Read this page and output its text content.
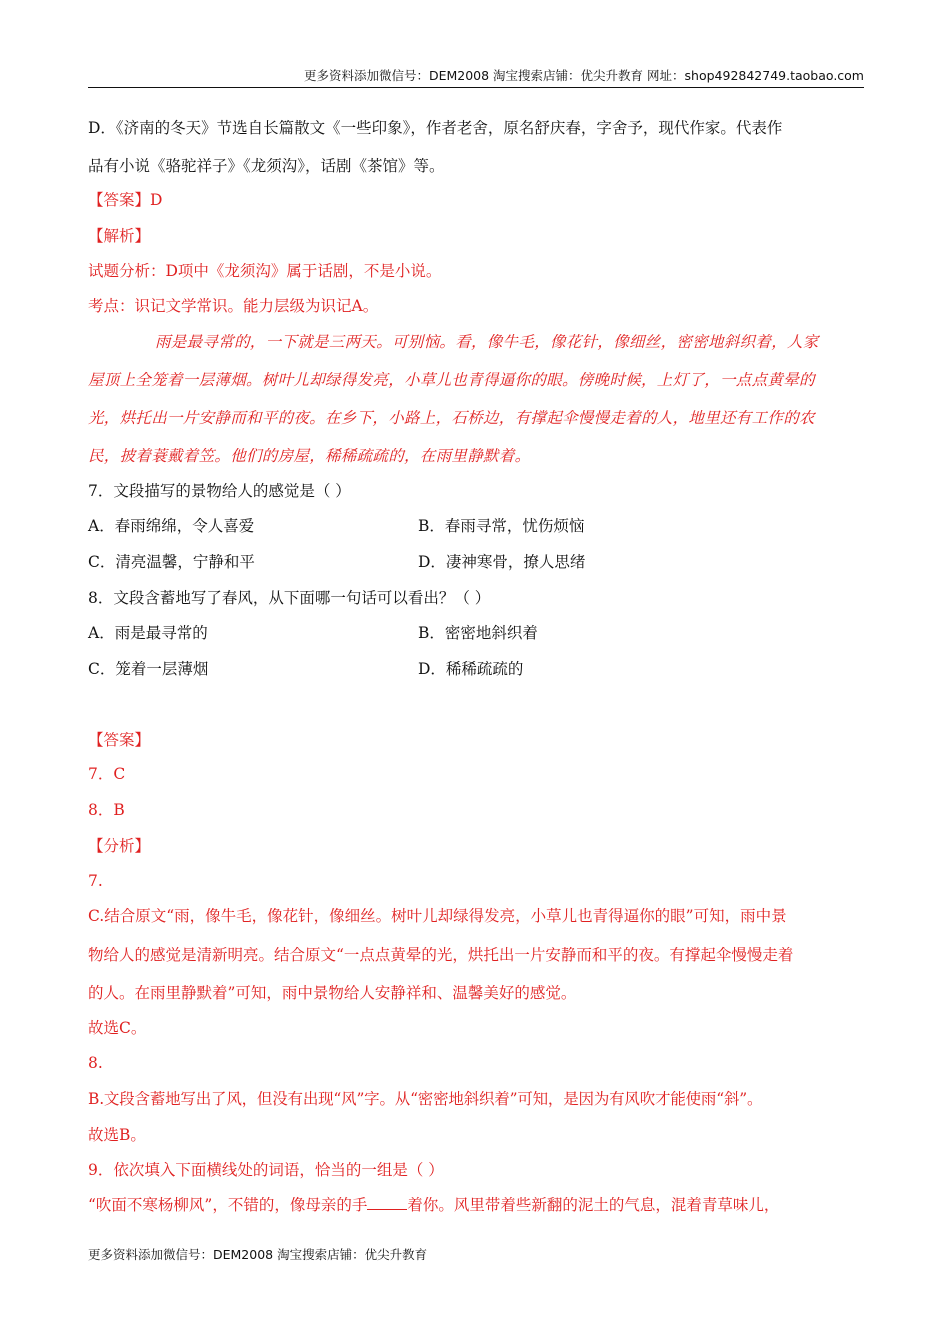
更多资料添加微信号：DEM2008 淘宝搜索店铺：优尖升教育 网址：shop492842749.taobao.com
D．《济南的冬天》节选自长篇散文《一些印象》，作者老舍，原名舒庆春，字舍予，现代作家。代表作
品有小说《骆驼祥子》《龙须沟》，话剧《茶馆》等。
【答案】D
【解析】
试题分析：D项中《龙须沟》属于话剧，不是小说。
考点：识记文学常识。能力层级为识记A。
雨是最寻常的，一下就是三两天。可别恼。看，像牛毛，像花针，像细丝，密密地斜织着，人家
屋顶上全笼着一层薄烟。树叶儿却绿得发亮，小草儿也青得逼你的眼。傍晚时候，上灯了，一点点黄晕的
光，烘托出一片安静而和平的夜。在乡下，小路上，石桥边，有撑起伞慢慢走着的人，地里还有工作的农
民，披着蓑戴着笠。他们的房屋，稀稀疏疏的，在雨里静默着。
7．文段描写的景物给人的感觉是（ ）
A．春雨绵绵，令人喜爱	B．春雨寻常，忧伤烦恼
C．清亮温馨，宁静和平	D．凄神寒骨，撩人思绪
8．文段含蓄地写了春风，从下面哪一句话可以看出？（ ）
A．雨是最寻常的	B．密密地斜织着
C．笼着一层薄烟	D．稀稀疏疏的
【答案】
7．C
8．B
【分析】
7.
C.结合原文“雨，像牛毛，像花针，像细丝。树叶儿却绿得发亮，小草儿也青得逼你的眼”可知，雨中景
物给人的感觉是清新明亮。结合原文“一点点黄晕的光，烘托出一片安静而和平的夜。有撑起伞慢慢走着
的人。在雨里静默着”可知，雨中景物给人安静祥和、温馨美好的感觉。
故选C。
8.
B.文段含蓄地写出了风，但没有出现“风”字。从“密密地斜织着”可知，是因为有风吹才能使雨“斜”。
故选B。
9．依次填入下面横线处的词语，恰当的一组是（ ）
“吹面不寒杨柳风”，不错的，像母亲的手	着你。风里带着些新翻的泥土的气息，混着青草味儿，
更多资料添加微信号：DEM2008 淘宝搜索店铺：优尖升教育
